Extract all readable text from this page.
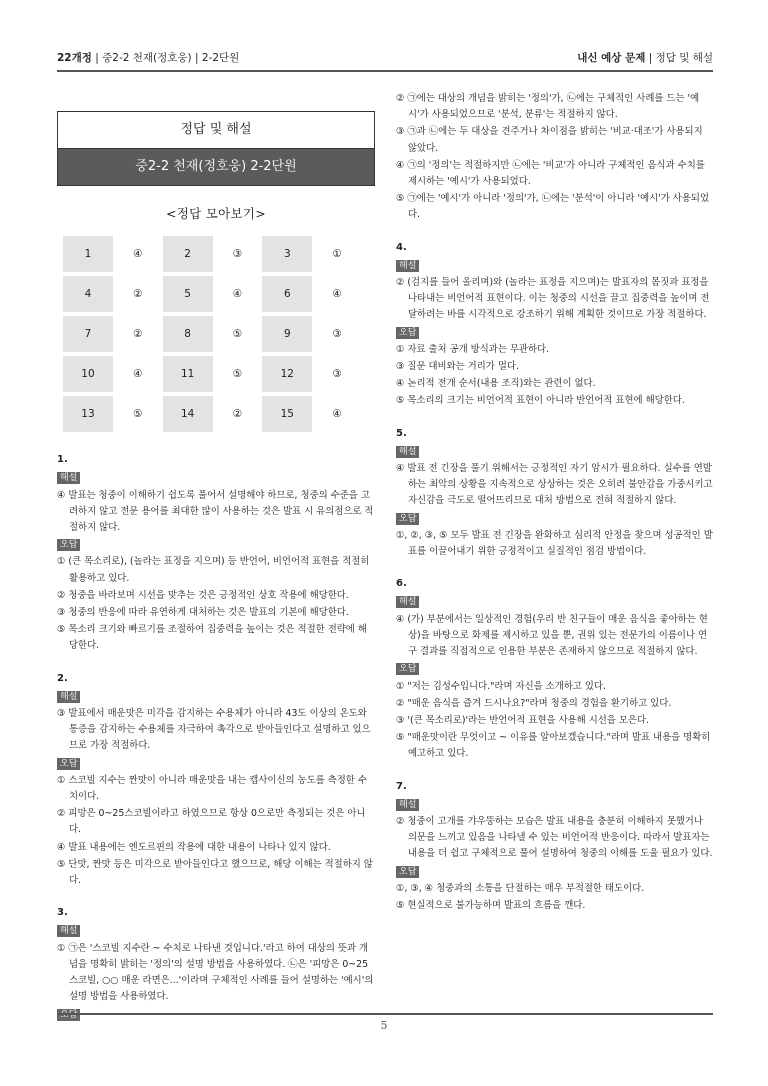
22개정 | 중2-2 천재(정호웅) | 2-2단원	내신 예상 문제 | 정답 및 해설
정답 및 해설
중2-2 천재(정호웅) 2-2단원
<정답 모아보기>
1	④	2	③	3	①
4	②	5	④	6	④
7	②	8	⑤	9	③
10	④	11	⑤	12	③
13	⑤	14	②	15	④
1.
해설
④ 발표는 청중이 이해하기 쉽도록 풀어서 설명해야 하므로, 청중의 수준을 고려하지 않고 전문 용어를 최대한 많이 사용하는 것은 발표 시 유의점으로 적절하지 않다.
오답
① (큰 목소리로), (놀라는 표정을 지으며) 등 반언어, 비언어적 표현을 적절히 활용하고 있다.
② 청중을 바라보며 시선을 맞추는 것은 긍정적인 상호 작용에 해당한다.
③ 청중의 반응에 따라 유연하게 대처하는 것은 발표의 기본에 해당한다.
⑤ 목소리 크기와 빠르기를 조절하여 집중력을 높이는 것은 적절한 전략에 해당한다.
2.
해설
③ 발표에서 매운맛은 미각을 감지하는 수용체가 아니라 43도 이상의 온도와 통증을 감지하는 수용체를 자극하여 촉각으로 받아들인다고 설명하고 있으므로 가장 적절하다.
오답
① 스코빌 지수는 짠맛이 아니라 매운맛을 내는 캡사이신의 농도를 측정한 수치이다.
② 피망은 0~25스코빌이라고 하였으므로 항상 0으로만 측정되는 것은 아니다.
④ 발표 내용에는 엔도르핀의 작용에 대한 내용이 나타나 있지 않다.
⑤ 단맛, 짠맛 등은 미각으로 받아들인다고 했으므로, 해당 이해는 적절하지 않다.
3.
해설
① ㉠은 '스코빌 지수란 ~ 수치로 나타낸 것입니다.'라고 하여 대상의 뜻과 개념을 명확히 밝히는 '정의'의 설명 방법을 사용하였다. ㉡은 '피망은 0~25스코빌, ○○ 매운 라면은...'이라며 구체적인 사례를 들어 설명하는 '예시'의 설명 방법을 사용하였다.
② ㉠에는 대상의 개념을 밝히는 '정의'가, ㉡에는 구체적인 사례를 드는 '예시'가 사용되었으므로 '분석, 분류'는 적절하지 않다.
③ ㉠과 ㉡에는 두 대상을 견주거나 차이점을 밝히는 '비교·대조'가 사용되지 않았다.
④ ㉠의 '정의'는 적절하지만 ㉡에는 '비교'가 아니라 구체적인 음식과 수치를 제시하는 '예시'가 사용되었다.
⑤ ㉠에는 '예시'가 아니라 '정의'가, ㉡에는 '분석'이 아니라 '예시'가 사용되었다.
4.
해설
② (검지를 들어 올리며)와 (놀라는 표정을 지으며)는 발표자의 몸짓과 표정을 나타내는 비언어적 표현이다. 이는 청중의 시선을 끌고 집중력을 높이며 전달하려는 바를 시각적으로 강조하기 위해 계획한 것이므로 가장 적절하다.
오답
① 자료 출처 공개 방식과는 무관하다.
③ 질문 대비와는 거리가 멀다.
④ 논리적 전개 순서(내용 조직)와는 관련이 없다.
⑤ 목소리의 크기는 비언어적 표현이 아니라 반언어적 표현에 해당한다.
5.
해설
④ 발표 전 긴장을 풀기 위해서는 긍정적인 자기 암시가 필요하다. 실수를 연발하는 최악의 상황을 지속적으로 상상하는 것은 오히려 불안감을 가중시키고 자신감을 극도로 떨어뜨리므로 대처 방법으로 전혀 적절하지 않다.
오답
①, ②, ③, ⑤ 모두 발표 전 긴장을 완화하고 심리적 안정을 찾으며 성공적인 발표를 이끌어내기 위한 긍정적이고 실질적인 점검 방법이다.
6.
해설
④ (가) 부분에서는 일상적인 경험(우리 반 친구들이 매운 음식을 좋아하는 현상)을 바탕으로 화제를 제시하고 있을 뿐, 권위 있는 전문가의 이름이나 연구 결과를 직접적으로 인용한 부분은 존재하지 않으므로 적절하지 않다.
오답
① "저는 김성수입니다."라며 자신을 소개하고 있다.
② "매운 음식을 즐겨 드시나요?"라며 청중의 경험을 환기하고 있다.
③ '(큰 목소리로)'라는 반언어적 표현을 사용해 시선을 모은다.
⑤ "매운맛이란 무엇이고 ~ 이유를 알아보겠습니다."라며 발표 내용을 명확히 예고하고 있다.
7.
해설
② 청중이 고개를 갸우뚱하는 모습은 발표 내용을 충분히 이해하지 못했거나 의문을 느끼고 있음을 나타낼 수 있는 비언어적 반응이다. 따라서 발표자는 내용을 더 쉽고 구체적으로 풀어 설명하여 청중의 이해를 도울 필요가 있다.
오답
①, ③, ④ 청중과의 소통을 단절하는 매우 부적절한 태도이다.
⑤ 현실적으로 불가능하며 발표의 흐름을 깬다.
5
